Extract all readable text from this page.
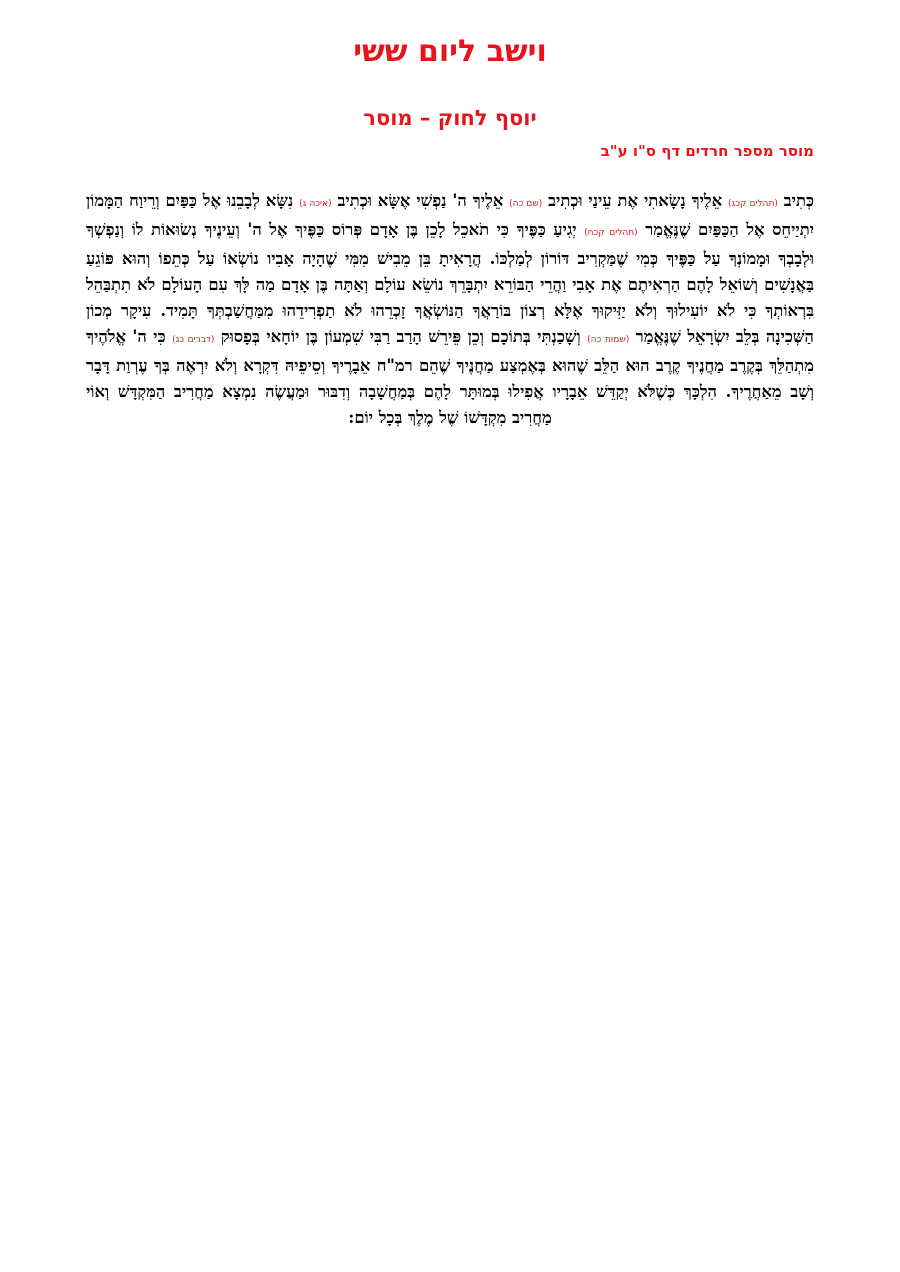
וישב ליום ששי
יוסף לחוק – מוסר
מוסר מספר חרדים דף ס"ו ע"ב
כְּתִיב (תהלים קכג) אֵלֶיךָ נָשָׂאתִי אֶת עֵינַי וּכְתִיב (שם כה) אֵלֶיךָ ה' נַפְשִׁי אֶשָּׂא וּכְתִיב (איכה ג) נִשָּׂא לְבָבֵנוּ אֶל כַּפַּיִם וְרֵיוַח הַמָּמוֹן יִתְיַיחֵס אֶל הַכַּפַּיִם שֶׁנֶּאֱמַר (תהלים קכח) יְגִיעַ כַּפֶּיךָ כִּי תֹאכֵל לָכֵן בֶּן אָדָם פְּרוֹס כַּפֶּיךָ אֶל ה' וְעֵינֶיךָ נְשׂוּאוֹת לוֹ וְנַפְשְׁךָ וּלְבָבְךָ וּמָמוֹנְךָ עַל כַּפֶּיךָ כְּמִי שֶׁמַּקְרִיב דּוֹרוֹן לְמַלְכּוֹ. הֲרָאִיתָ בֵּן מֵבִישׁ מִמִּי שֶׁהָיָה אָבִיו נוֹשְׂאוֹ עַל כְּתֵפוֹ וְהוּא פּוֹגֵעַ בַּאֲנָשִׁים וְשׁוֹאֵל לָהֶם הַרְאִיתֶם אֶת אָבִי וַהֲרֵי הַבּוֹרֵא יִתְבָּרֵךְ נוֹשֵׂא עוֹלָם וְאַתָּה בֶּן אָדָם מַה לָּךְ עִם הָעוֹלָם לֹא תִתְבַּהֵל בִּרְאוֹתְךָ כִּי לֹא יוֹעִילוּךָ וְלֹא יַזִּיקוּךָ אֶלָּא רְצוֹן בּוֹרַאֲךָ הַנּוֹשְׂאֲךָ זָכְרֵהוּ לֹא תַפְרִידֵהוּ מִמַּחֲשַׁבְתְּךָ תָּמִיד. עִיקָר מְכוֹן הַשְּׁכִינָה בְּלֵב יִשְׂרָאֵל שֶׁנֶּאֱמַר (שמות כה) וְשָׁכַנְתִּי בְּתוֹכָם וְכֵן פֵּירֵשׁ הָרַב רַבִּי שִׁמְעוֹן בֶּן יוֹחָאי בְּפָסוּק (דברים כג) כִּי ה' אֱלֹהֶיךָ מִתְהַלֵּךְ בְּקֶרֶב מַחֲנֶיךָ קֶרֶב הוּא הַלֵּב שֶׁהוּא בְּאֶמְצַע מַחֲנֶיךָ שֶׁהֵם רמ"ח אֵבָרֶיךָ וְסֵיפֵיהּ דִּקְרָא וְלֹא יִרְאֶה בְּךָ עֶרְוַת דָּבָר וְשָׁב מֵאַחֲרֶיךָ. הִלְכָּךְ כְּשֶׁלֹּא יְקַדֵּשׁ אֵבָרָיו אֲפִילוּ בְּמוּתָּר לָהֶם בְּמַחֲשָׁבָה וְדִבּוּר וּמַעֲשֶׂה נִמְצָא מַחֲרִיב הַמִּקְדָּשׁ וְאוֹי מַחֲרִיב מִקְדָּשׁוֹ שֶׁל מֶלֶךְ בְּכָל יוֹם:
